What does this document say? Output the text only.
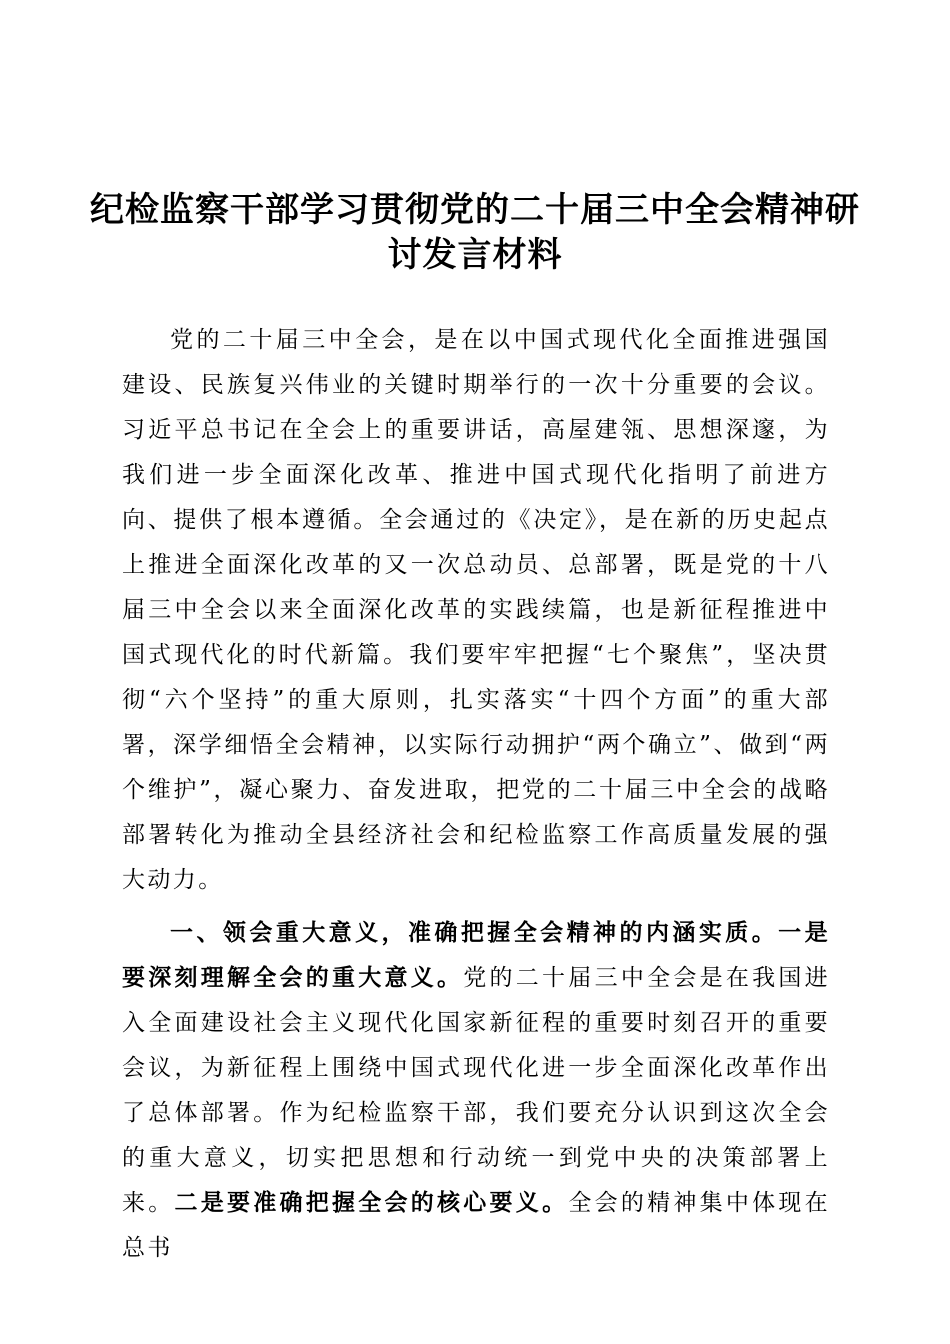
纪检监察干部学习贯彻党的二十届三中全会精神研讨发言材料

党的二十届三中全会，是在以中国式现代化全面推进强国建设、民族复兴伟业的关键时期举行的一次十分重要的会议。习近平总书记在全会上的重要讲话，高屋建瓴、思想深邃，为我们进一步全面深化改革、推进中国式现代化指明了前进方向、提供了根本遵循。全会通过的《决定》，是在新的历史起点上推进全面深化改革的又一次总动员、总部署，既是党的十八届三中全会以来全面深化改革的实践续篇，也是新征程推进中国式现代化的时代新篇。我们要牢牢把握“七个聚焦”，坚决贯彻“六个坚持”的重大原则，扎实落实“十四个方面”的重大部署，深学细悟全会精神，以实际行动拥护“两个确立”、做到“两个维护”，凝心聚力、奋发进取，把党的二十届三中全会的战略部署转化为推动全县经济社会和纪检监察工作高质量发展的强大动力。

一、领会重大意义，准确把握全会精神的内涵实质。一是要深刻理解全会的重大意义。党的二十届三中全会是在我国进入全面建设社会主义现代化国家新征程的重要时刻召开的重要会议，为新征程上围绕中国式现代化进一步全面深化改革作出了总体部署。作为纪检监察干部，我们要充分认识到这次全会的重大意义，切实把思想和行动统一到党中央的决策部署上来。二是要准确把握全会的核心要义。全会的精神集中体现在总书
